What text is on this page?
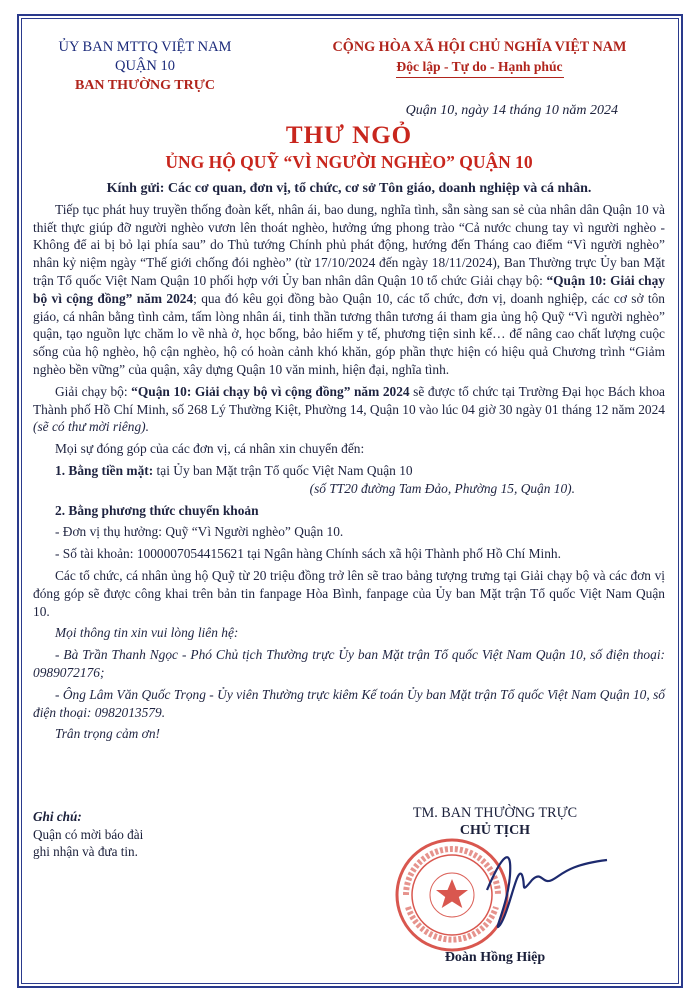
ỦY BAN MTTQ VIỆT NAM
QUẬN 10
BAN THƯỜNG TRỰC
CỘNG HÒA XÃ HỘI CHỦ NGHĨA VIỆT NAM
Độc lập - Tự do - Hạnh phúc
Quận 10, ngày 14 tháng 10 năm 2024
THƯ NGỎ
ỦNG HỘ QUỸ “VÌ NGƯỜI NGHÈO” QUẬN 10

Kính gửi: Các cơ quan, đơn vị, tổ chức, cơ sở Tôn giáo, doanh nghiệp và cá nhân.

Tiếp tục phát huy truyền thống đoàn kết, nhân ái, bao dung, nghĩa tình, sẵn sàng san sẻ của nhân dân Quận 10 và thiết thực giúp đỡ người nghèo vươn lên thoát nghèo, hưởng ứng phong trào “Cả nước chung tay vì người nghèo - Không để ai bị bỏ lại phía sau” do Thủ tướng Chính phủ phát động, hướng đến Tháng cao điểm “Vì người nghèo” nhân kỷ niệm ngày “Thế giới chống đói nghèo” (từ 17/10/2024 đến ngày 18/11/2024), Ban Thường trực Ủy ban Mặt trận Tổ quốc Việt Nam Quận 10 phối hợp với Ủy ban nhân dân Quận 10 tổ chức Giải chạy bộ: “Quận 10: Giải chạy bộ vì cộng đồng” năm 2024; qua đó kêu gọi đồng bào Quận 10, các tổ chức, đơn vị, doanh nghiệp, các cơ sở tôn giáo, cá nhân bằng tình cảm, tấm lòng nhân ái, tinh thần tương thân tương ái tham gia ủng hộ Quỹ “Vì người nghèo” quận, tạo nguồn lực chăm lo về nhà ở, học bổng, bảo hiểm y tế, phương tiện sinh kế… để nâng cao chất lượng cuộc sống của hộ nghèo, hộ cận nghèo, hộ có hoàn cảnh khó khăn, góp phần thực hiện có hiệu quả Chương trình “Giảm nghèo bền vững” của quận, xây dựng Quận 10 văn minh, hiện đại, nghĩa tình.

Giải chạy bộ: “Quận 10: Giải chạy bộ vì cộng đồng” năm 2024 sẽ được tổ chức tại Trường Đại học Bách khoa Thành phố Hồ Chí Minh, số 268 Lý Thường Kiệt, Phường 14, Quận 10 vào lúc 04 giờ 30 ngày 01 tháng 12 năm 2024 (sẽ có thư mời riêng).

Mọi sự đóng góp của các đơn vị, cá nhân xin chuyển đến:

1. Bằng tiền mặt: tại Ủy ban Mặt trận Tổ quốc Việt Nam Quận 10

(số TT20 đường Tam Đảo, Phường 15, Quận 10).

2. Bằng phương thức chuyển khoản

- Đơn vị thụ hưởng: Quỹ “Vì Người nghèo” Quận 10.

- Số tài khoản: 1000007054415621 tại Ngân hàng Chính sách xã hội Thành phố Hồ Chí Minh.

Các tổ chức, cá nhân ủng hộ Quỹ từ 20 triệu đồng trở lên sẽ trao bảng tượng trưng tại Giải chạy bộ và các đơn vị đóng góp sẽ được công khai trên bản tin fanpage Hòa Bình, fanpage của Ủy ban Mặt trận Tổ quốc Việt Nam Quận 10.

Mọi thông tin xin vui lòng liên hệ:

- Bà Trần Thanh Ngọc - Phó Chủ tịch Thường trực Ủy ban Mặt trận Tổ quốc Việt Nam Quận 10, số điện thoại: 0989072176;

- Ông Lâm Văn Quốc Trọng - Ủy viên Thường trực kiêm Kế toán Ủy ban Mặt trận Tổ quốc Việt Nam Quận 10, số điện thoại: 0982013579.

Trân trọng cảm ơn!

Ghi chú:
Quận có mời báo đài
ghi nhận và đưa tin.
TM. BAN THƯỜNG TRỰC
CHỦ TỊCH
Đoàn Hồng Hiệp
